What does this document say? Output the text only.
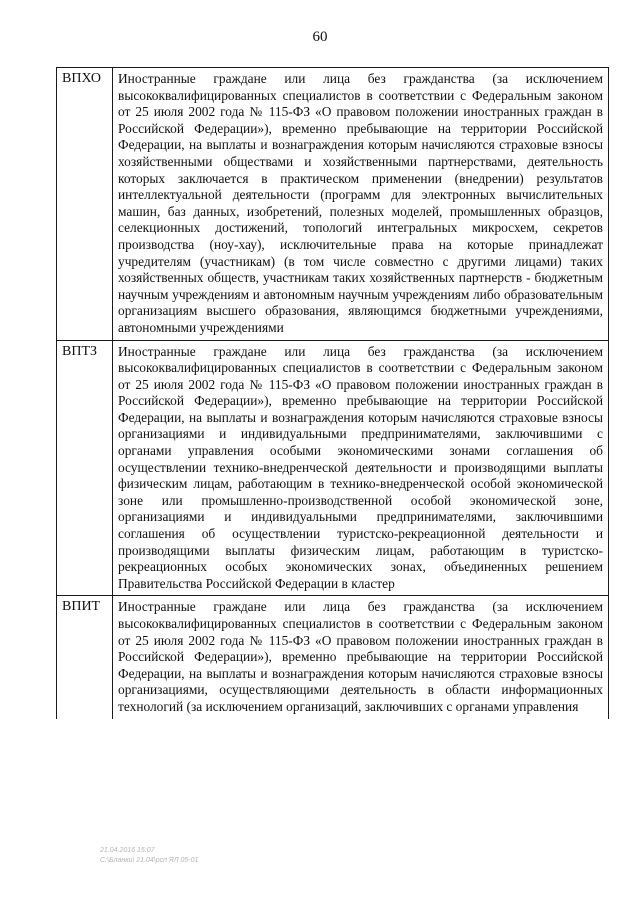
60
ВПХО	Иностранные граждане или лица без гражданства (за исключением высококвалифицированных специалистов в соответствии с Федеральным законом от 25 июля 2002 года № 115-ФЗ «О правовом положении иностранных граждан в Российской Федерации»), временно пребывающие на территории Российской Федерации, на выплаты и вознаграждения которым начисляются страховые взносы хозяйственными обществами и хозяйственными партнерствами, деятельность которых заключается в практическом применении (внедрении) результатов интеллектуальной деятельности (программ для электронных вычислительных машин, баз данных, изобретений, полезных моделей, промышленных образцов, селекционных достижений, топологий интегральных микросхем, секретов производства (ноу-хау), исключительные права на которые принадлежат учредителям (участникам) (в том числе совместно с другими лицами) таких хозяйственных обществ, участникам таких хозяйственных партнерств - бюджетным научным учреждениям и автономным научным учреждениям либо образовательным организациям высшего образования, являющимся бюджетными учреждениями, автономными учреждениями
ВПТЗ	Иностранные граждане или лица без гражданства (за исключением высококвалифицированных специалистов в соответствии с Федеральным законом от 25 июля 2002 года № 115-ФЗ «О правовом положении иностранных граждан в Российской Федерации»), временно пребывающие на территории Российской Федерации, на выплаты и вознаграждения которым начисляются страховые взносы организациями и индивидуальными предпринимателями, заключившими с органами управления особыми экономическими зонами соглашения об осуществлении технико-внедренческой деятельности и производящими выплаты физическим лицам, работающим в технико-внедренческой особой экономической зоне или промышленно-производственной особой экономической зоне, организациями и индивидуальными предпринимателями, заключившими соглашения об осуществлении туристско-рекреационной деятельности и производящими выплаты физическим лицам, работающим в туристско-рекреационных особых экономических зонах, объединенных решением Правительства Российской Федерации в кластер
ВПИТ	Иностранные граждане или лица без гражданства (за исключением высококвалифицированных специалистов в соответствии с Федеральным законом от 25 июля 2002 года № 115-ФЗ «О правовом положении иностранных граждан в Российской Федерации»), временно пребывающие на территории Российской Федерации, на выплаты и вознаграждения которым начисляются страховые взносы организациями, осуществляющими деятельность в области информационных технологий (за исключением организаций, заключивших с органами управления
21.04.2016 15:07
С:\Бланки\ 21.04\рсп ЯЛ 05-01
